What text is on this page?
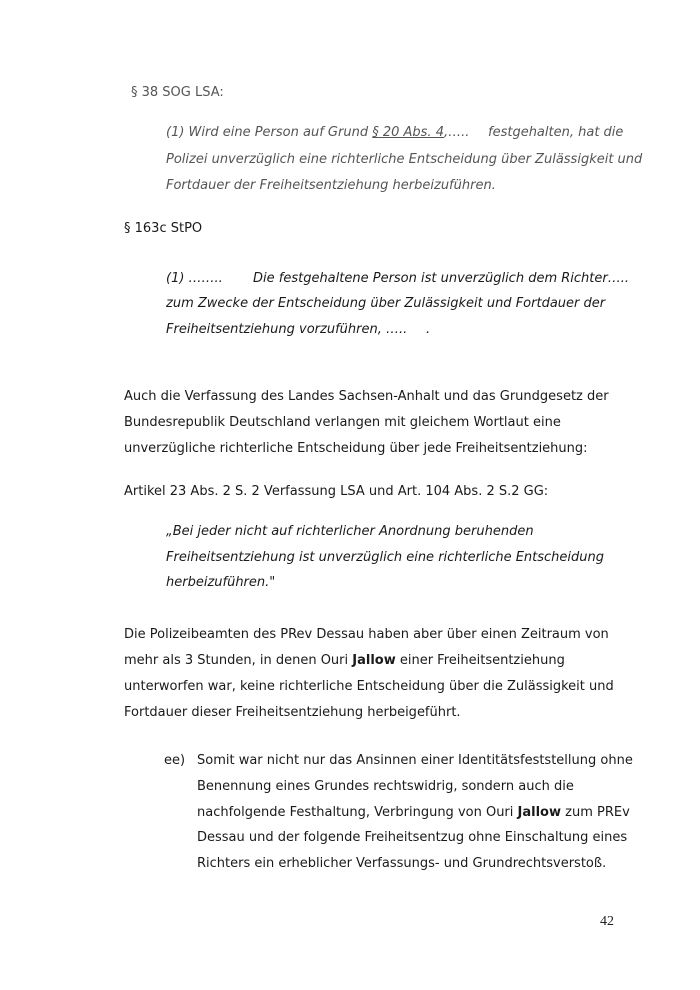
§ 38 SOG LSA:
(1) Wird eine Person auf Grund § 20 Abs. 4,….. festgehalten, hat die
Polizei unverzüglich eine richterliche Entscheidung über Zulässigkeit und
Fortdauer der Freiheitsentziehung herbeizuführen.
§ 163c StPO
(1) …….. Die festgehaltene Person ist unverzüglich dem Richter…..
zum Zwecke der Entscheidung über Zulässigkeit und Fortdauer der
Freiheitsentziehung vorzuführen, ….. .
Auch die Verfassung des Landes Sachsen-Anhalt und das Grundgesetz der
Bundesrepublik Deutschland verlangen mit gleichem Wortlaut eine
unverzügliche richterliche Entscheidung über jede Freiheitsentziehung:
Artikel 23 Abs. 2 S. 2 Verfassung LSA und Art. 104 Abs. 2 S.2 GG:
„Bei jeder nicht auf richterlicher Anordnung beruhenden
Freiheitsentziehung ist unverzüglich eine richterliche Entscheidung
herbeizuführen."
Die Polizeibeamten des PRev Dessau haben aber über einen Zeitraum von
mehr als 3 Stunden, in denen Ouri Jallow einer Freiheitsentziehung
unterworfen war, keine richterliche Entscheidung über die Zulässigkeit und
Fortdauer dieser Freiheitsentziehung herbeigeführt.
ee) Somit war nicht nur das Ansinnen einer Identitätsfeststellung ohne
Benennung eines Grundes rechtswidrig, sondern auch die
nachfolgende Festhaltung, Verbringung von Ouri Jallow zum PREv
Dessau und der folgende Freiheitsentzug ohne Einschaltung eines
Richters ein erheblicher Verfassungs- und Grundrechtsverstoß.
42
